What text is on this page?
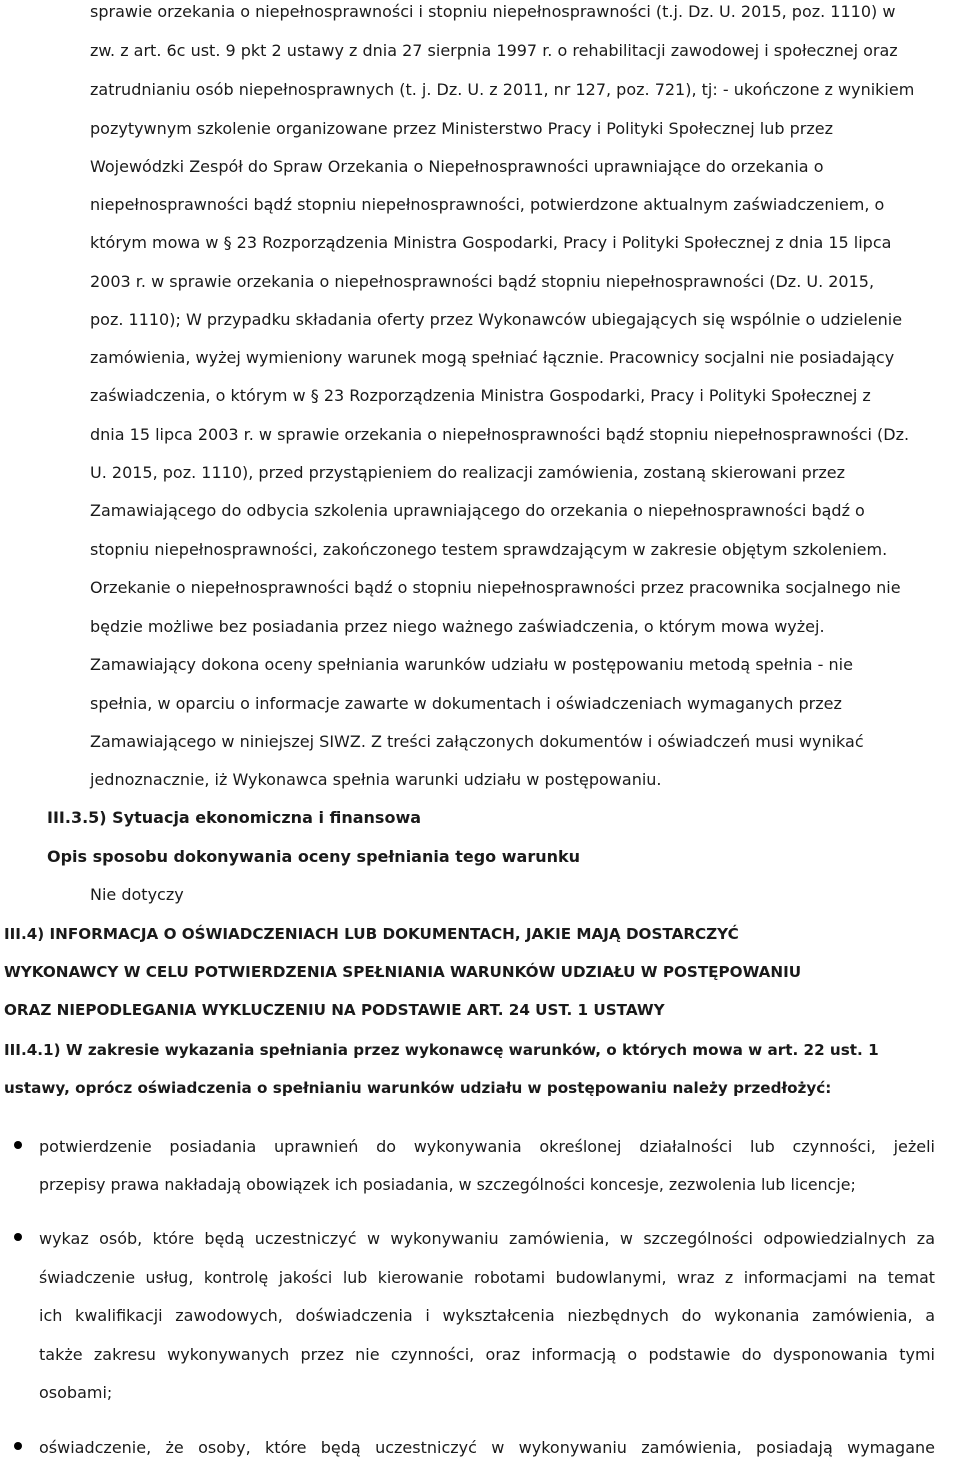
sprawie orzekania o niepełnosprawności i stopniu niepełnosprawności (t.j. Dz. U. 2015, poz. 1110) w
zw. z art. 6c ust. 9 pkt 2 ustawy z dnia 27 sierpnia 1997 r. o rehabilitacji zawodowej i społecznej oraz
zatrudnianiu osób niepełnosprawnych (t. j. Dz. U. z 2011, nr 127, poz. 721), tj: - ukończone z wynikiem
pozytywnym szkolenie organizowane przez Ministerstwo Pracy i Polityki Społecznej lub przez
Wojewódzki Zespół do Spraw Orzekania o Niepełnosprawności uprawniające do orzekania o
niepełnosprawności bądź stopniu niepełnosprawności, potwierdzone aktualnym zaświadczeniem, o
którym mowa w § 23 Rozporządzenia Ministra Gospodarki, Pracy i Polityki Społecznej z dnia 15 lipca
2003 r. w sprawie orzekania o niepełnosprawności bądź stopniu niepełnosprawności (Dz. U. 2015,
poz. 1110); W przypadku składania oferty przez Wykonawców ubiegających się wspólnie o udzielenie
zamówienia, wyżej wymieniony warunek mogą spełniać łącznie. Pracownicy socjalni nie posiadający
zaświadczenia, o którym w § 23 Rozporządzenia Ministra Gospodarki, Pracy i Polityki Społecznej z
dnia 15 lipca 2003 r. w sprawie orzekania o niepełnosprawności bądź stopniu niepełnosprawności (Dz.
U. 2015, poz. 1110), przed przystąpieniem do realizacji zamówienia, zostaną skierowani przez
Zamawiającego do odbycia szkolenia uprawniającego do orzekania o niepełnosprawności bądź o
stopniu niepełnosprawności, zakończonego testem sprawdzającym w zakresie objętym szkoleniem.
Orzekanie o niepełnosprawności bądź o stopniu niepełnosprawności przez pracownika socjalnego nie
będzie możliwe bez posiadania przez niego ważnego zaświadczenia, o którym mowa wyżej.
Zamawiający dokona oceny spełniania warunków udziału w postępowaniu metodą spełnia - nie
spełnia, w oparciu o informacje zawarte w dokumentach i oświadczeniach wymaganych przez
Zamawiającego w niniejszej SIWZ. Z treści załączonych dokumentów i oświadczeń musi wynikać
jednoznacznie, iż Wykonawca spełnia warunki udziału w postępowaniu.
III.3.5) Sytuacja ekonomiczna i finansowa
Opis sposobu dokonywania oceny spełniania tego warunku
Nie dotyczy
III.4) INFORMACJA O OŚWIADCZENIACH LUB DOKUMENTACH, JAKIE MAJĄ DOSTARCZYĆ
WYKONAWCY W CELU POTWIERDZENIA SPEŁNIANIA WARUNKÓW UDZIAŁU W POSTĘPOWANIU
ORAZ NIEPODLEGANIA WYKLUCZENIU NA PODSTAWIE ART. 24 UST. 1 USTAWY
III.4.1) W zakresie wykazania spełniania przez wykonawcę warunków, o których mowa w art. 22 ust. 1
ustawy, oprócz oświadczenia o spełnianiu warunków udziału w postępowaniu należy przedłożyć:
potwierdzenie posiadania uprawnień do wykonywania określonej działalności lub czynności, jeżeli
przepisy prawa nakładają obowiązek ich posiadania, w szczególności koncesje, zezwolenia lub licencje;
wykaz osób, które będą uczestniczyć w wykonywaniu zamówienia, w szczególności odpowiedzialnych za
świadczenie usług, kontrolę jakości lub kierowanie robotami budowlanymi, wraz z informacjami na temat
ich kwalifikacji zawodowych, doświadczenia i wykształcenia niezbędnych do wykonania zamówienia, a
także zakresu wykonywanych przez nie czynności, oraz informacją o podstawie do dysponowania tymi
osobami;
oświadczenie, że osoby, które będą uczestniczyć w wykonywaniu zamówienia, posiadają wymagane
